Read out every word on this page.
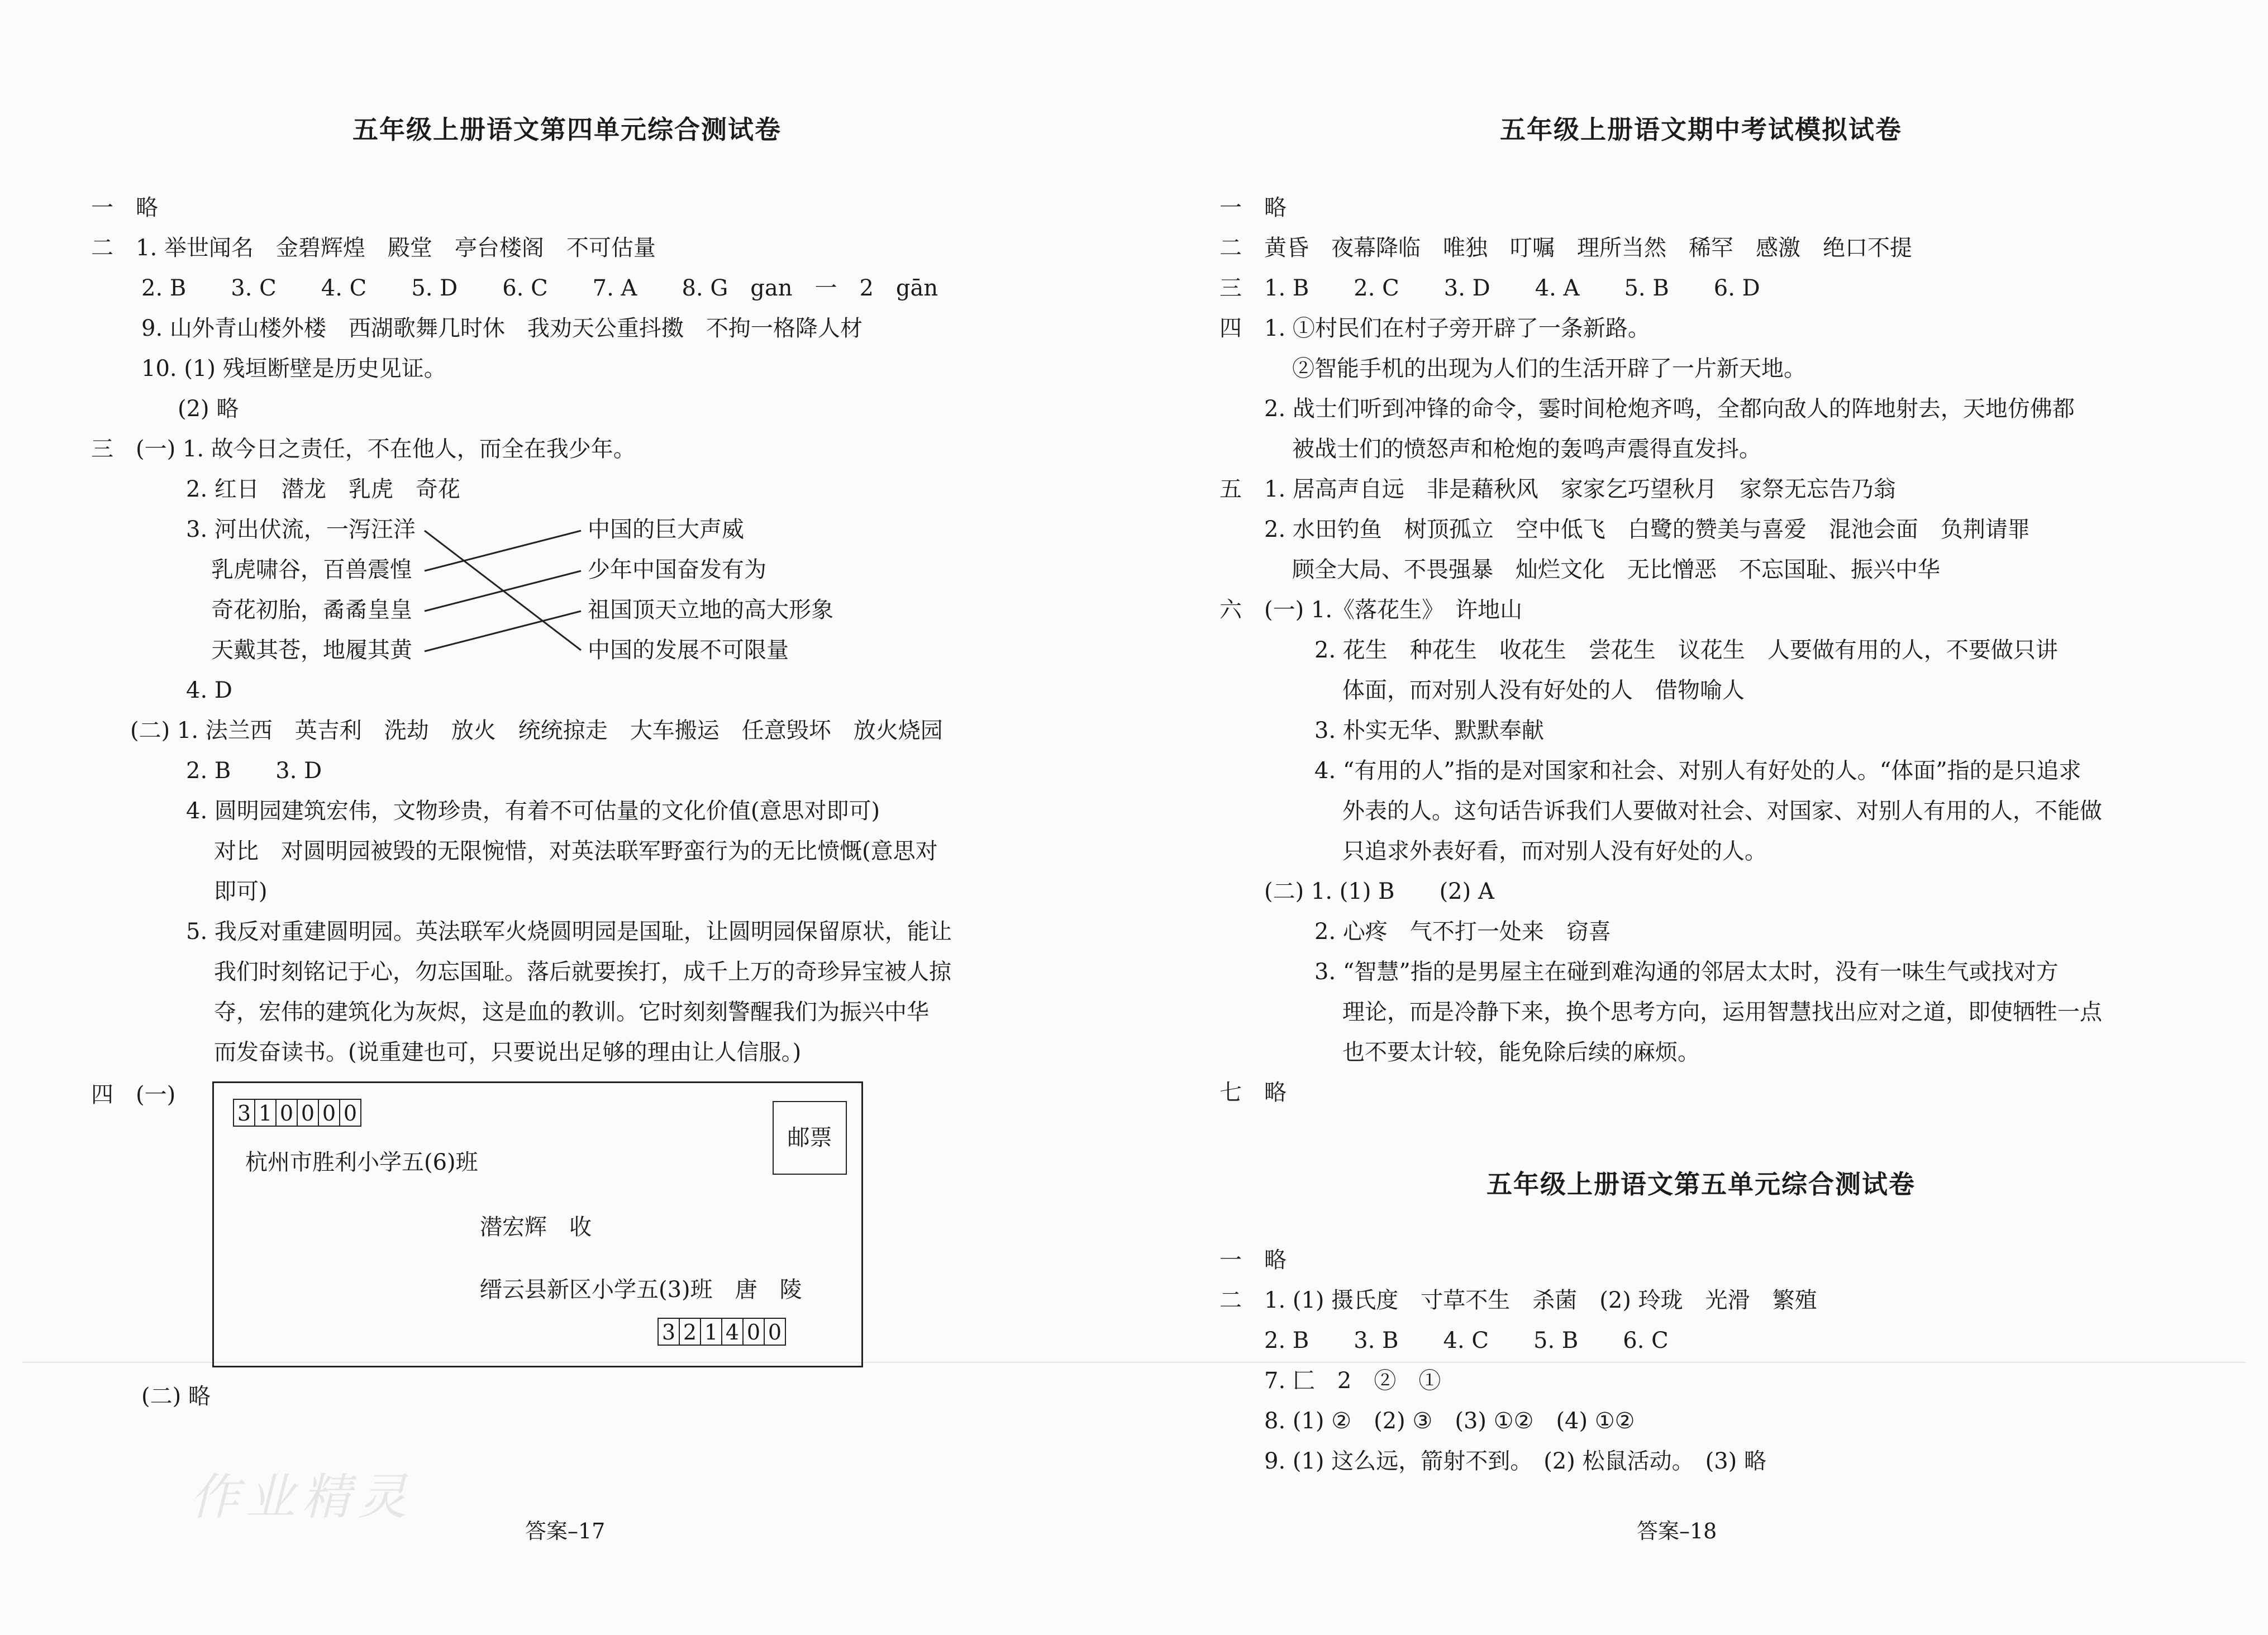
五年级上册语文第四单元综合测试卷
一　略
二　1. 举世闻名　金碧辉煌　殿堂　亭台楼阁　不可估量
2. B　　3. C　　4. C　　5. D　　6. C　　7. A　　8. G　gan　一　2　gān
9. 山外青山楼外楼　西湖歌舞几时休　我劝天公重抖擞　不拘一格降人材
10. (1) 残垣断壁是历史见证。
(2) 略
三　(一) 1. 故今日之责任，不在他人，而全在我少年。
2. 红日　潜龙　乳虎　奇花
3. 河出伏流，一泻汪洋
乳虎啸谷，百兽震惶
奇花初胎，矞矞皇皇
天戴其苍，地履其黄
中国的巨大声威
少年中国奋发有为
祖国顶天立地的高大形象
中国的发展不可限量
4. D
(二) 1. 法兰西　英吉利　洗劫　放火　统统掠走　大车搬运　任意毁坏　放火烧园
2. B　　3. D
4. 圆明园建筑宏伟，文物珍贵，有着不可估量的文化价值(意思对即可)
对比　对圆明园被毁的无限惋惜，对英法联军野蛮行为的无比愤慨(意思对
即可)
5. 我反对重建圆明园。英法联军火烧圆明园是国耻，让圆明园保留原状，能让
我们时刻铭记于心，勿忘国耻。落后就要挨打，成千上万的奇珍异宝被人掠
夺，宏伟的建筑化为灰烬，这是血的教训。它时刻刻警醒我们为振兴中华
而发奋读书。(说重建也可，只要说出足够的理由让人信服。)
四　(一)
3 1 0 0 0 0
邮票
杭州市胜利小学五(6)班
潜宏辉　收
缙云县新区小学五(3)班　唐　陵
3 2 1 4 0 0
(二) 略
作业精灵
答案–17
五年级上册语文期中考试模拟试卷
一　略
二　黄昏　夜幕降临　唯独　叮嘱　理所当然　稀罕　感激　绝口不提
三　1. B　　2. C　　3. D　　4. A　　5. B　　6. D
四　1. ①村民们在村子旁开辟了一条新路。
②智能手机的出现为人们的生活开辟了一片新天地。
2. 战士们听到冲锋的命令，霎时间枪炮齐鸣，全都向敌人的阵地射去，天地仿佛都
被战士们的愤怒声和枪炮的轰鸣声震得直发抖。
五　1. 居高声自远　非是藉秋风　家家乞巧望秋月　家祭无忘告乃翁
2. 水田钓鱼　树顶孤立　空中低飞　白鹭的赞美与喜爱　混池会面　负荆请罪
顾全大局、不畏强暴　灿烂文化　无比憎恶　不忘国耻、振兴中华
六　(一) 1.《落花生》　许地山
2. 花生　种花生　收花生　尝花生　议花生　人要做有用的人，不要做只讲
体面，而对别人没有好处的人　借物喻人
3. 朴实无华、默默奉献
4. “有用的人”指的是对国家和社会、对别人有好处的人。“体面”指的是只追求
外表的人。这句话告诉我们人要做对社会、对国家、对别人有用的人，不能做
只追求外表好看，而对别人没有好处的人。
(二) 1. (1) B　　(2) A
2. 心疼　气不打一处来　窃喜
3. “智慧”指的是男屋主在碰到难沟通的邻居太太时，没有一味生气或找对方
理论，而是冷静下来，换个思考方向，运用智慧找出应对之道，即使牺牲一点
也不要太计较，能免除后续的麻烦。
七　略
五年级上册语文第五单元综合测试卷
一　略
二　1. (1) 摄氏度　寸草不生　杀菌　(2) 玲珑　光滑　繁殖
2. B　　3. B　　4. C　　5. B　　6. C
7. 匚　2　②　①
8. (1) ②　(2) ③　(3) ①②　(4) ①②
9. (1) 这么远，箭射不到。　(2) 松鼠活动。　(3) 略
答案–18
